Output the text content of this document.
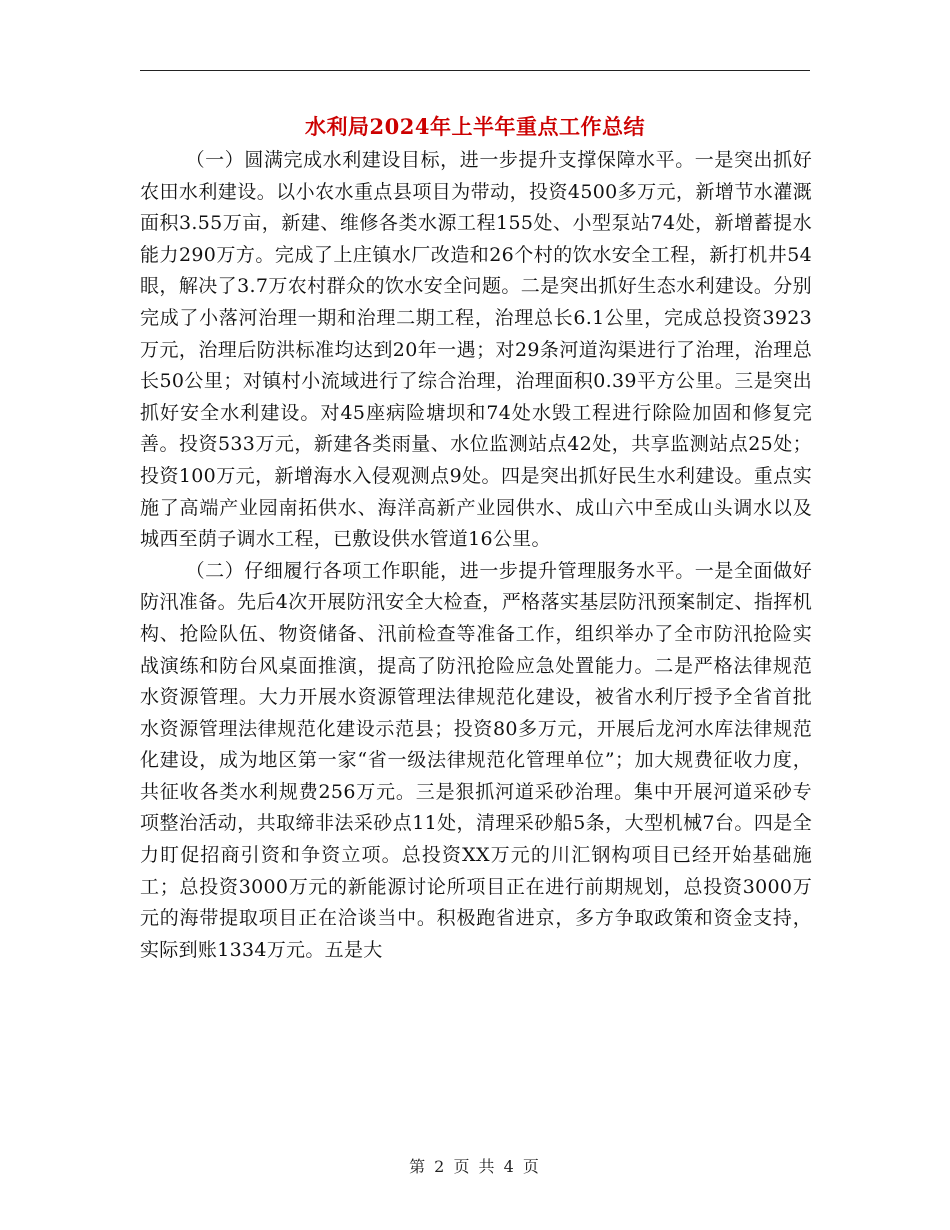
水利局2024年上半年重点工作总结

（一）圆满完成水利建设目标，进一步提升支撑保障水平。一是突出抓好农田水利建设。以小农水重点县项目为带动，投资4500多万元，新增节水灌溉面积3.55万亩，新建、维修各类水源工程155处、小型泵站74处，新增蓄提水能力290万方。完成了上庄镇水厂改造和26个村的饮水安全工程，新打机井54眼，解决了3.7万农村群众的饮水安全问题。二是突出抓好生态水利建设。分别完成了小落河治理一期和治理二期工程，治理总长6.1公里，完成总投资3923万元，治理后防洪标准均达到20年一遇；对29条河道沟渠进行了治理，治理总长50公里；对镇村小流域进行了综合治理，治理面积0.39平方公里。三是突出抓好安全水利建设。对45座病险塘坝和74处水毁工程进行除险加固和修复完善。投资533万元，新建各类雨量、水位监测站点42处，共享监测站点25处；投资100万元，新增海水入侵观测点9处。四是突出抓好民生水利建设。重点实施了高端产业园南拓供水、海洋高新产业园供水、成山六中至成山头调水以及城西至荫子调水工程，已敷设供水管道16公里。

（二）仔细履行各项工作职能，进一步提升管理服务水平。一是全面做好防汛准备。先后4次开展防汛安全大检查，严格落实基层防汛预案制定、指挥机构、抢险队伍、物资储备、汛前检查等准备工作，组织举办了全市防汛抢险实战演练和防台风桌面推演，提高了防汛抢险应急处置能力。二是严格法律规范水资源管理。大力开展水资源管理法律规范化建设，被省水利厅授予全省首批水资源管理法律规范化建设示范县；投资80多万元，开展后龙河水库法律规范化建设，成为地区第一家“省一级法律规范化管理单位”；加大规费征收力度，共征收各类水利规费256万元。三是狠抓河道采砂治理。集中开展河道采砂专项整治活动，共取缔非法采砂点11处，清理采砂船5条，大型机械7台。四是全力盯促招商引资和争资立项。总投资XX万元的川汇钢构项目已经开始基础施工；总投资3000万元的新能源讨论所项目正在进行前期规划，总投资3000万元的海带提取项目正在洽谈当中。积极跑省进京，多方争取政策和资金支持，实际到账1334万元。五是大

第 2 页 共 4 页
